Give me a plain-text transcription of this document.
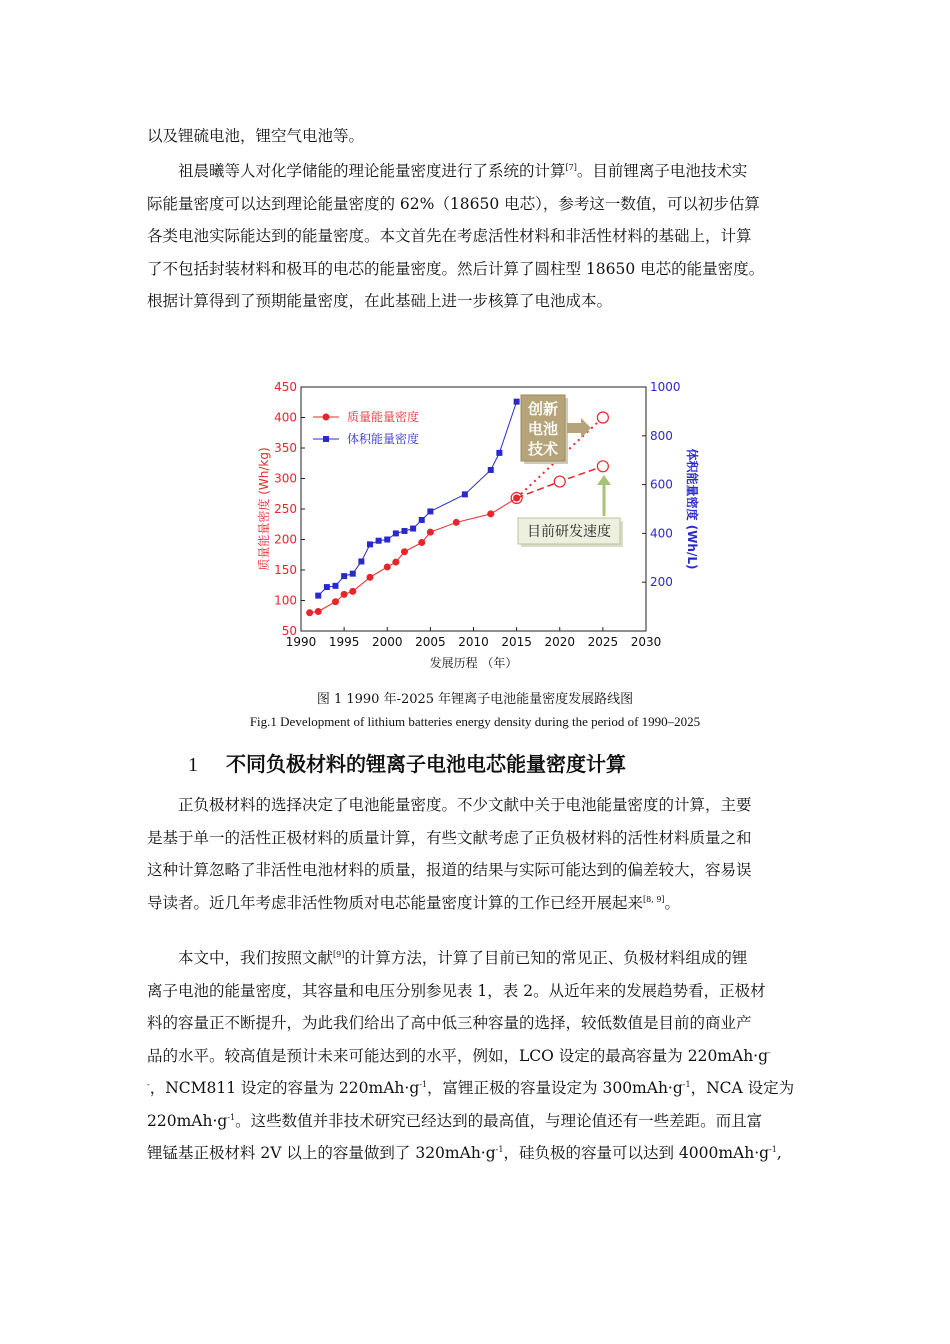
以及锂硫电池，锂空气电池等。

祖晨曦等人对化学储能的理论能量密度进行了系统的计算[7]。目前锂离子电池技术实
际能量密度可以达到理论能量密度的 62%（18650 电芯），参考这一数值，可以初步估算
各类电池实际能达到的能量密度。本文首先在考虑活性材料和非活性材料的基础上，计算
了不包括封装材料和极耳的电芯的能量密度。然后计算了圆柱型 18650 电芯的能量密度。
根据计算得到了预期能量密度，在此基础上进一步核算了电池成本。

1990 1995 2000 2005 2010 2015 2020 2025 2030
50
100
150
200
250
300
350
400
450
200
400
600
800
1000
发展历程 （年）
质量能量密度 (Wh/kg)	体积能量密度 (Wh/L)
质量能量密度
体积能量密度
创新
电池
技术
目前研发速度
图 1 1990 年-2025 年锂离子电池能量密度发展路线图
Fig.1 Development of lithium batteries energy density during the period of 1990–2025
1 不同负极材料的锂离子电池电芯能量密度计算

正负极材料的选择决定了电池能量密度。不少文献中关于电池能量密度的计算，主要
是基于单一的活性正极材料的质量计算，有些文献考虑了正负极材料的活性材料质量之和
这种计算忽略了非活性电池材料的质量，报道的结果与实际可能达到的偏差较大，容易误
导读者。近几年考虑非活性物质对电芯能量密度计算的工作已经开展起来[8, 9]。

本文中，我们按照文献[9]的计算方法，计算了目前已知的常见正、负极材料组成的锂
离子电池的能量密度，其容量和电压分别参见表 1，表 2。从近年来的发展趋势看，正极材
料的容量正不断提升，为此我们给出了高中低三种容量的选择，较低数值是目前的商业产
品的水平。较高值是预计未来可能达到的水平，例如，LCO 设定的最高容量为 220mAh·g-
-，NCM811 设定的容量为 $220mAh\cdot g^{-1}$，富锂正极的容量设定为 $300mAh\cdot g^{-1}$，NCA 设定为
$220mAh\cdot g^{-1}$。这些数值并非技术研究已经达到的最高值，与理论值还有一些差距。而且富
锂锰基正极材料 2V 以上的容量做到了 $320mAh\cdot g^{-1}$，硅负极的容量可以达到 $4000mAh\cdot g^{-1}$,
